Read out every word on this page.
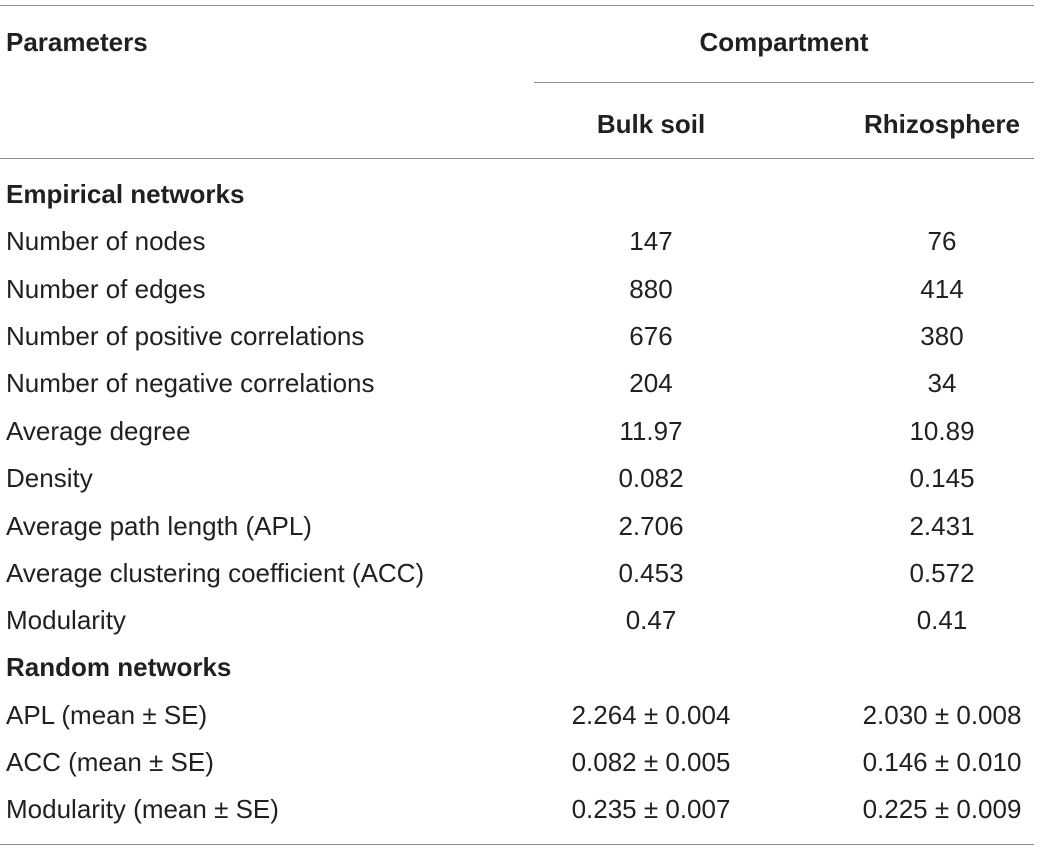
Parameters	Compartment
Bulk soil	Rhizosphere
Empirical networks
Number of nodes	147	76
Number of edges	880	414
Number of positive correlations	676	380
Number of negative correlations	204	34
Average degree	11.97	10.89
Density	0.082	0.145
Average path length (APL)	2.706	2.431
Average clustering coefficient (ACC)	0.453	0.572
Modularity	0.47	0.41
Random networks
APL (mean ± SE)	2.264 ± 0.004	2.030 ± 0.008
ACC (mean ± SE)	0.082 ± 0.005	0.146 ± 0.010
Modularity (mean ± SE)	0.235 ± 0.007	0.225 ± 0.009
